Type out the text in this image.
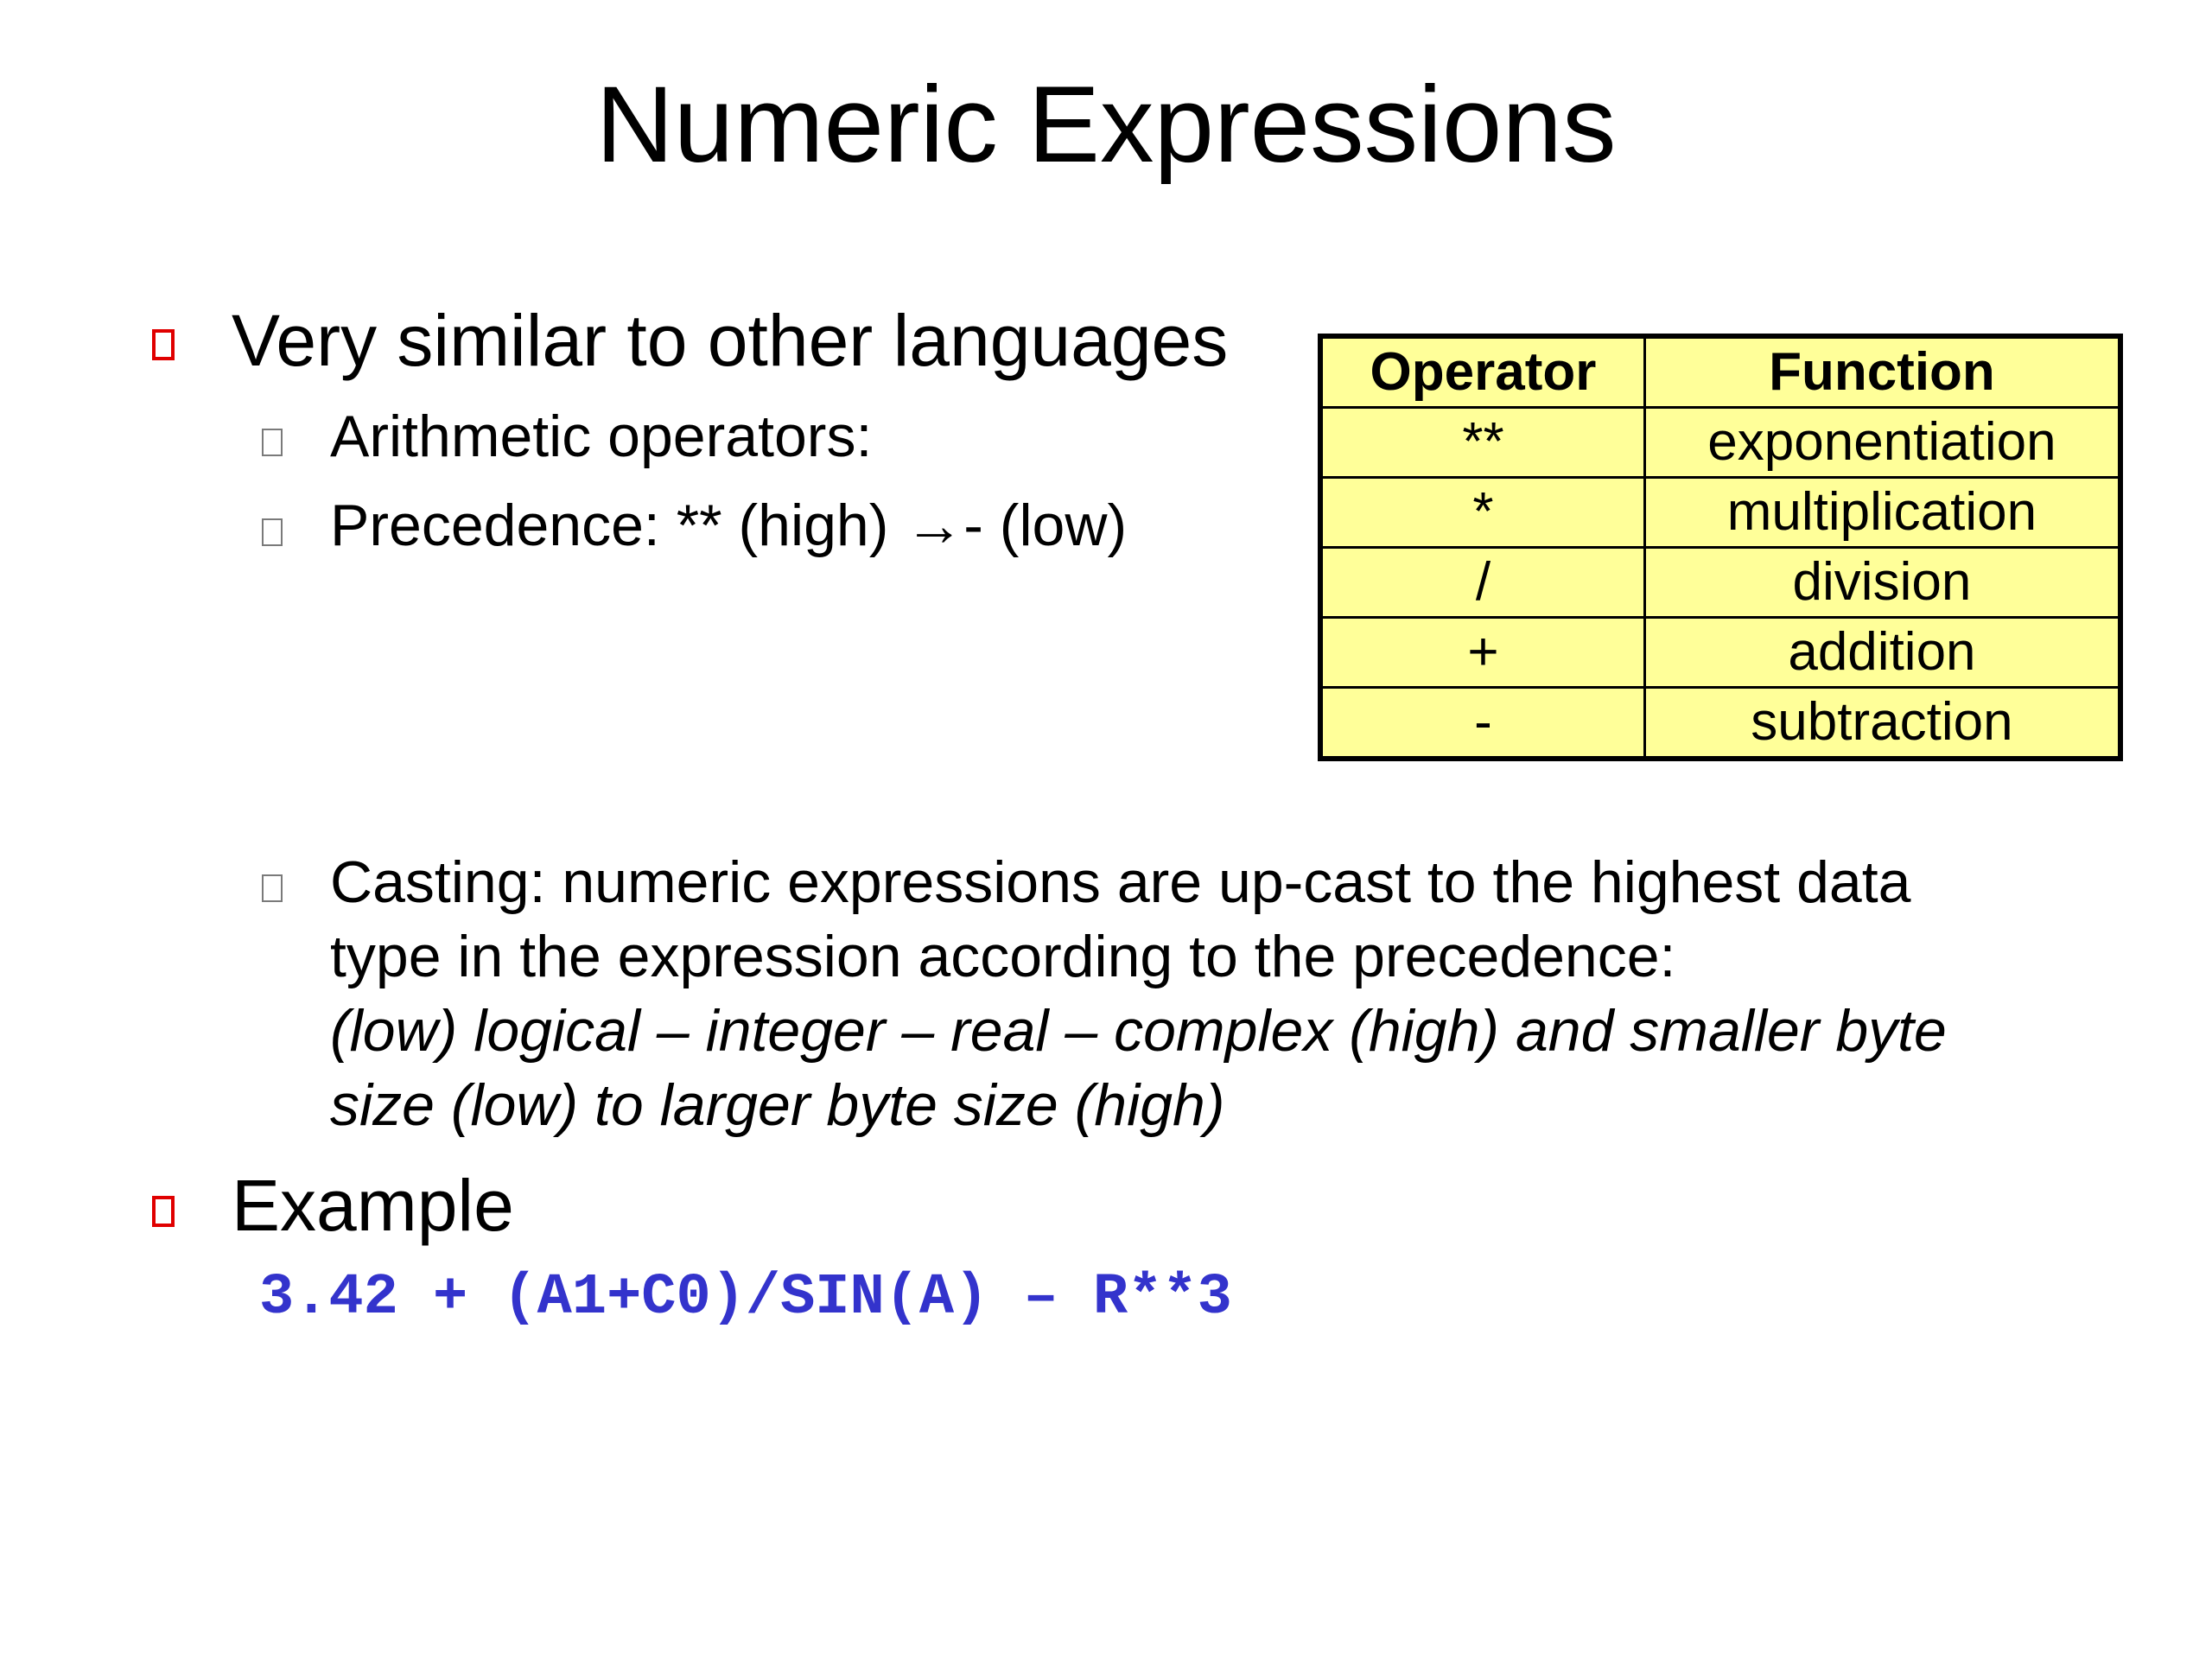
Numeric Expressions
Very similar to other languages
Arithmetic operators:
Precedence: ** (high) →- (low)
Operator	Function
**	exponentiation
*	multiplication
/	division
+	addition
-	subtraction
Casting: numeric expressions are up-cast to the highest data
type in the expression according to the precedence:
(low) logical – integer – real – complex (high) and smaller byte
size (low) to larger byte size (high)
Example
3.42 + (A1+C0)/SIN(A) – R**3
